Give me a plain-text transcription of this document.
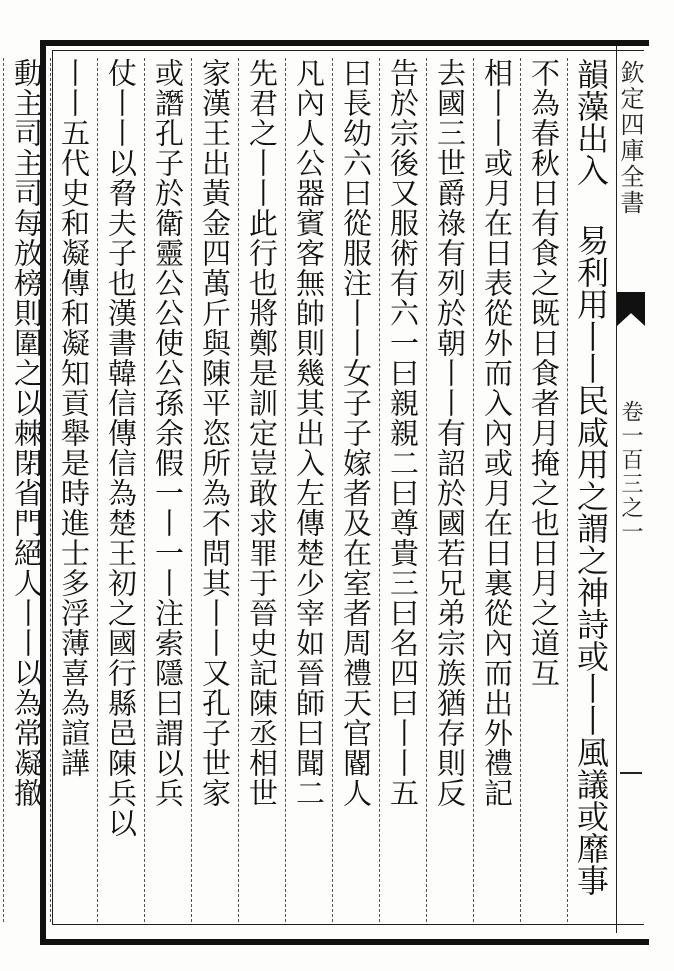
欽定四庫全書
卷一百三之一
韻藻出入 易利用丨丨民咸用之謂之神詩或丨丨風議或靡事
不為春秋日有食之既日食者月掩之也日月之道互
相丨丨或月在日表從外而入內或月在日裏從內而出外禮記
去國三世爵祿有列於朝丨丨有詔於國若兄弟宗族猶存則反
告於宗後又服術有六一曰親親二曰尊貴三曰名四曰丨丨五
曰長幼六曰從服注丨丨女子子嫁者及在室者周禮天官閽人
凡內人公器賓客無帥則幾其出入左傳楚少宰如晉師曰聞二
先君之丨丨此行也將鄭是訓定豈敢求罪于晉史記陳丞相世
家漢王出黃金四萬斤與陳平恣所為不問其丨丨又孔子世家
或譖孔子於衛靈公公使公孫余假一丨一丨注索隱曰謂以兵
仗丨丨以脅夫子也漢書韓信傳信為楚王初之國行縣邑陳兵以
丨丨五代史和凝傳和凝知貢舉是時進士多浮薄喜為諠譁
動主司主司每放榜則圍之以棘閉省門絕人丨丨以為常凝撤
